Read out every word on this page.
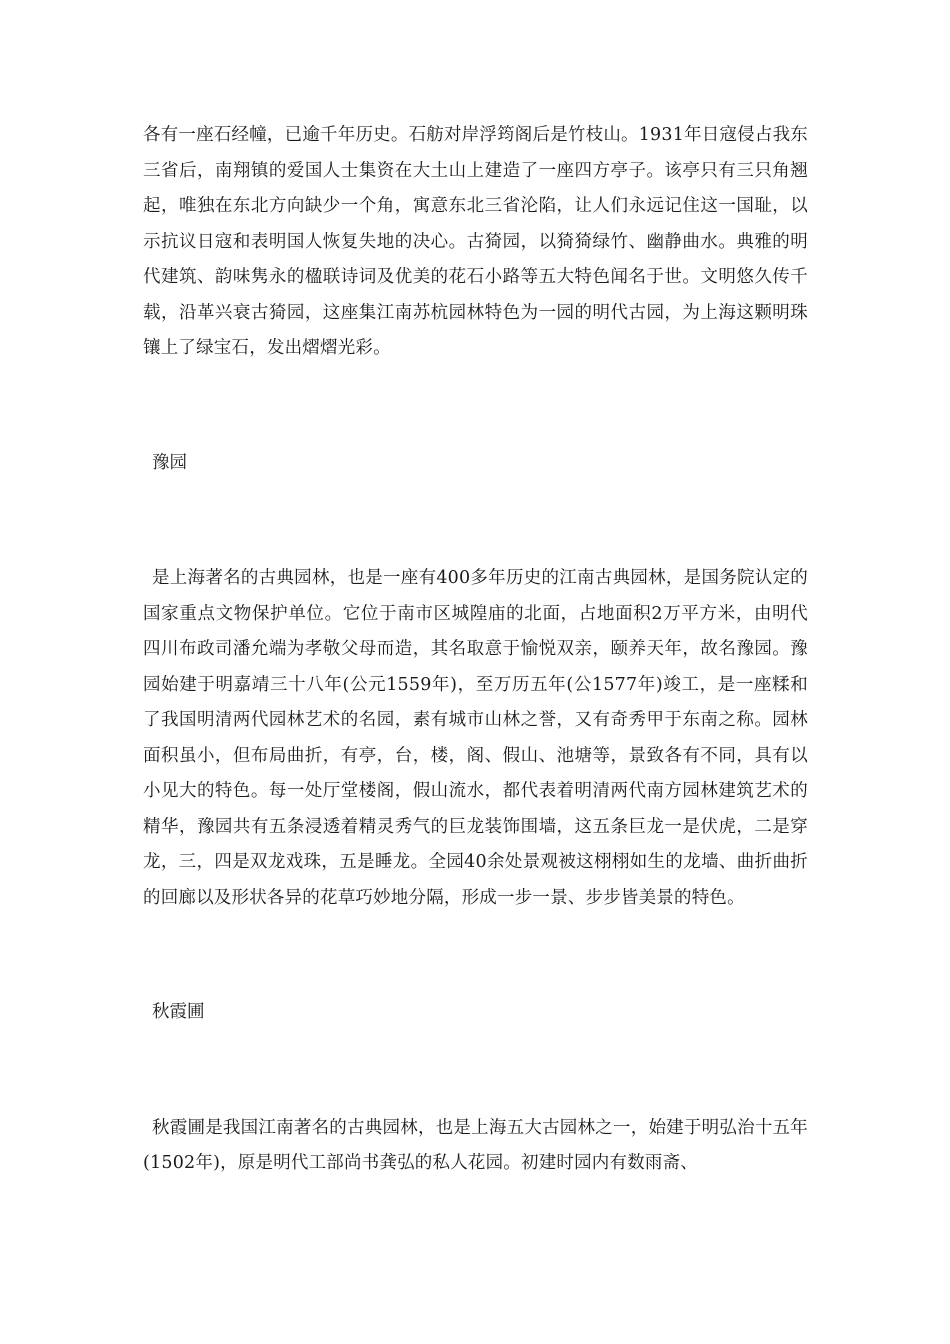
各有一座石经幢，已逾千年历史。石舫对岸浮筠阁后是竹枝山。1931年日寇侵占我东三省后，南翔镇的爱国人士集资在大土山上建造了一座四方亭子。该亭只有三只角翘起，唯独在东北方向缺少一个角，寓意东北三省沦陷，让人们永远记住这一国耻，以示抗议日寇和表明国人恢复失地的决心。古猗园，以猗猗绿竹、幽静曲水。典雅的明代建筑、韵味隽永的楹联诗词及优美的花石小路等五大特色闻名于世。文明悠久传千载，沿革兴衰古猗园，这座集江南苏杭园林特色为一园的明代古园，为上海这颗明珠镶上了绿宝石，发出熠熠光彩。

豫园

是上海著名的古典园林，也是一座有400多年历史的江南古典园林，是国务院认定的国家重点文物保护单位。它位于南市区城隍庙的北面，占地面积2万平方米，由明代四川布政司潘允端为孝敬父母而造，其名取意于愉悦双亲，颐养天年，故名豫园。豫园始建于明嘉靖三十八年(公元1559年)，至万历五年(公1577年)竣工，是一座糅和了我国明清两代园林艺术的名园，素有城市山林之誉，又有奇秀甲于东南之称。园林面积虽小，但布局曲折，有亭，台，楼，阁、假山、池塘等，景致各有不同，具有以小见大的特色。每一处厅堂楼阁，假山流水，都代表着明清两代南方园林建筑艺术的精华，豫园共有五条浸透着精灵秀气的巨龙装饰围墙，这五条巨龙一是伏虎，二是穿龙，三，四是双龙戏珠，五是睡龙。全园40余处景观被这栩栩如生的龙墙、曲折曲折的回廊以及形状各异的花草巧妙地分隔，形成一步一景、步步皆美景的特色。

秋霞圃

秋霞圃是我国江南著名的古典园林，也是上海五大古园林之一，始建于明弘治十五年(1502年)，原是明代工部尚书龚弘的私人花园。初建时园内有数雨斋、
